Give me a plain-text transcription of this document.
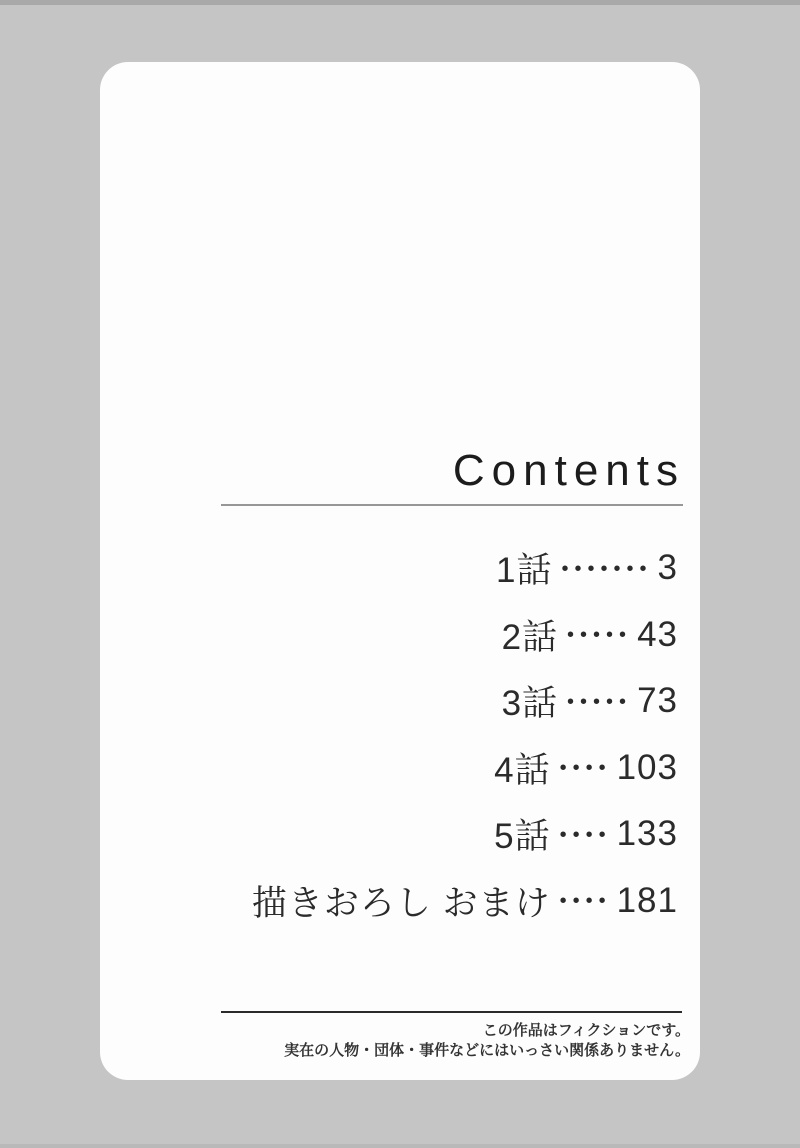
Contents
1話 ••••••• 3
2話 ••••• 43
3話 ••••• 73
4話 •••• 103
5話 •••• 133
描きおろし おまけ •••• 181
この作品はフィクションです。
実在の人物・団体・事件などにはいっさい関係ありません。
